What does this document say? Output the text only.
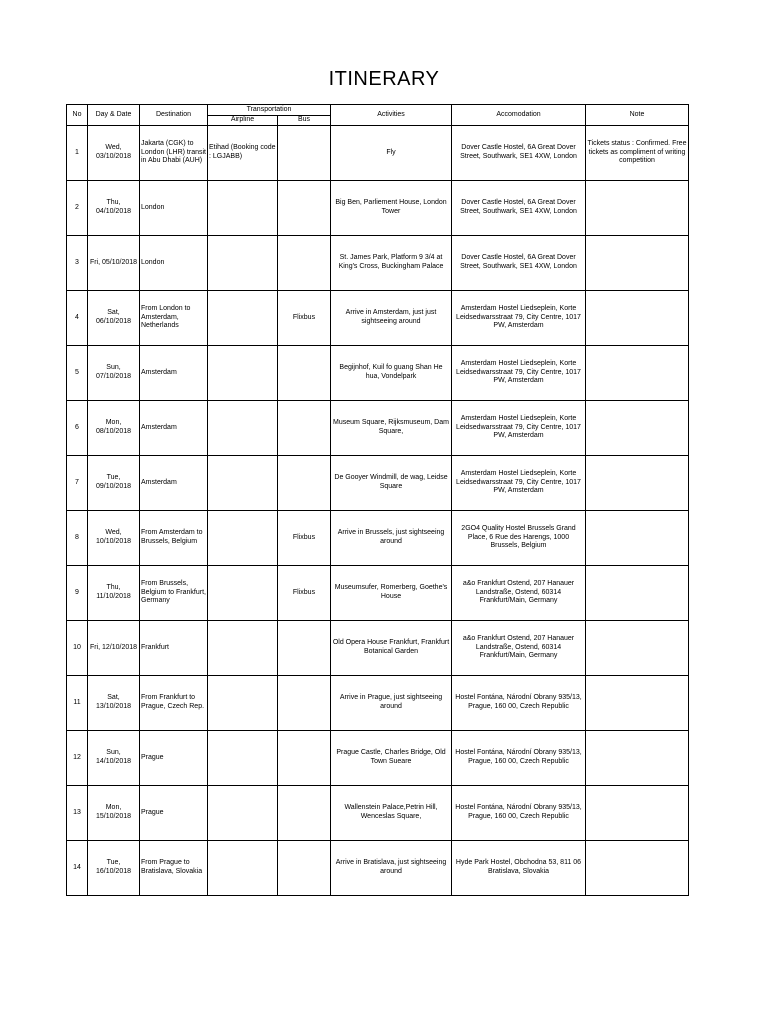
ITINERARY
No	Day & Date	Destination	Transportation		Activities	Accomodation	Note
			Airpline	Bus			
1	Wed, 03/10/2018	Jakarta (CGK) to London (LHR) transit in Abu Dhabi (AUH)	Etihad (Booking code : LGJABB)		Fly	Dover Castle Hostel, 6A Great Dover Street, Southwark, SE1 4XW, London	Tickets status : Confirmed. Free tickets as compliment of writing competition
2	Thu, 04/10/2018	London			Big Ben, Parliement House, London Tower	Dover Castle Hostel, 6A Great Dover Street, Southwark, SE1 4XW, London	
3	Fri, 05/10/2018	London			St. James Park, Platform 9 3/4 at King's Cross, Buckingham Palace	Dover Castle Hostel, 6A Great Dover Street, Southwark, SE1 4XW, London	
4	Sat, 06/10/2018	From London to Amsterdam, Netherlands		Flixbus	Arrive in Amsterdam, just just sightseeing around	Amsterdam Hostel Liedseplein, Korte Leidsedwarsstraat 79, City Centre, 1017 PW, Amsterdam	
5	Sun, 07/10/2018	Amsterdam			Begijnhof, Kuil fo guang Shan He hua, Vondelpark	Amsterdam Hostel Liedseplein, Korte Leidsedwarsstraat 79, City Centre, 1017 PW, Amsterdam	
6	Mon, 08/10/2018	Amsterdam			Museum Square, Rijksmuseum, Dam Square,	Amsterdam Hostel Liedseplein, Korte Leidsedwarsstraat 79, City Centre, 1017 PW, Amsterdam	
7	Tue, 09/10/2018	Amsterdam			De Gooyer Windmill, de wag, Leidse Square	Amsterdam Hostel Liedseplein, Korte Leidsedwarsstraat 79, City Centre, 1017 PW, Amsterdam	
8	Wed, 10/10/2018	From Amsterdam to Brussels, Belgium		Flixbus	Arrive in Brussels, just sightseeing around	2GO4 Quality Hostel Brussels Grand Place, 6 Rue des Harengs, 1000 Brussels, Belgium	
9	Thu, 11/10/2018	From Brussels, Belgium to Frankfurt, Germany		Flixbus	Museumsufer, Romerberg, Goethe's House	a&o Frankfurt Ostend, 207 Hanauer Landstraße, Ostend, 60314 Frankfurt/Main, Germany	
10	Fri, 12/10/2018	Frankfurt			Old Opera House Frankfurt, Frankfurt Botanical Garden	a&o Frankfurt Ostend, 207 Hanauer Landstraße, Ostend, 60314 Frankfurt/Main, Germany	
11	Sat, 13/10/2018	From Frankfurt to Prague, Czech Rep.			Arrive in Prague, just sightseeing around	Hostel Fontána, Národní Obrany 935/13, Prague, 160 00, Czech Republic	
12	Sun, 14/10/2018	Prague			Prague Castle, Charles Bridge, Old Town Sueare	Hostel Fontána, Národní Obrany 935/13, Prague, 160 00, Czech Republic	
13	Mon, 15/10/2018	Prague			Wallenstein Palace,Petrin Hill, Wenceslas Square,	Hostel Fontána, Národní Obrany 935/13, Prague, 160 00, Czech Republic	
14	Tue, 16/10/2018	From Prague to Bratislava, Slovakia			Arrive in Bratislava, just sightseeing around	Hyde Park Hostel, Obchodna 53, 811 06 Bratislava, Slovakia	
